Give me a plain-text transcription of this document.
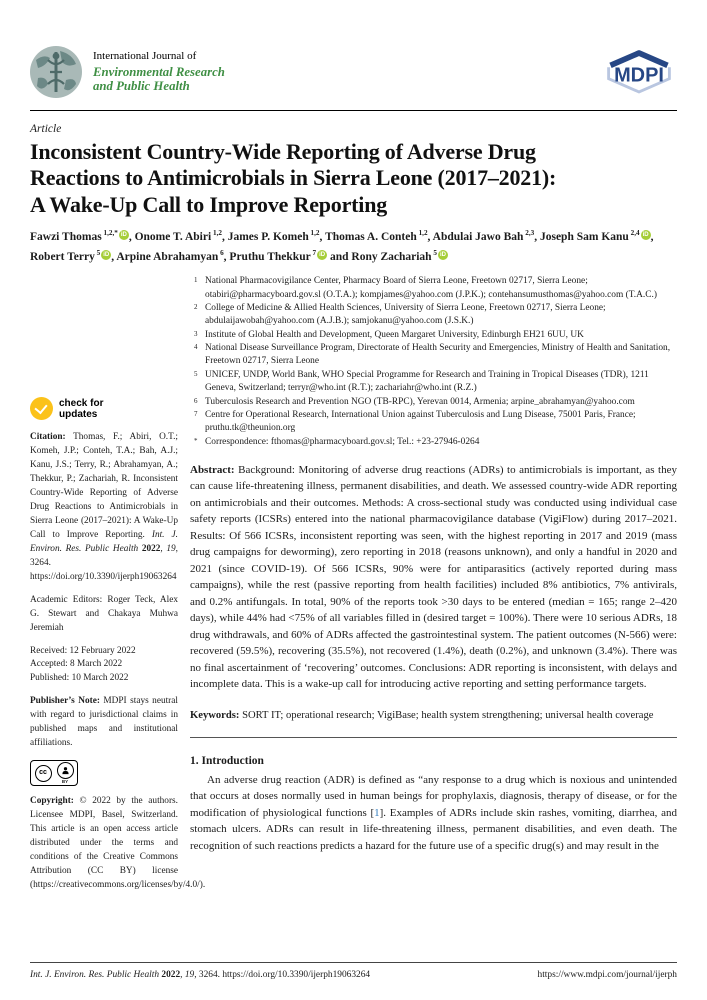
International Journal of
Environmental Research
and Public Health	MDPI
Article
Inconsistent Country-Wide Reporting of Adverse Drug
Reactions to Antimicrobials in Sierra Leone (2017–2021):
A Wake-Up Call to Improve Reporting
Fawzi Thomas $^{1,2,*}$ iD , Onome T. Abiri $^{1,2}$, James P. Komeh $^{1,2}$, Thomas A. Conteh $^{1,2}$, Abdulai Jawo Bah $^{2,3}$, Joseph Sam Kanu $^{2,4}$ iD , Robert Terry $^5$ iD , Arpine Abrahamyan $^6$, Pruthu Thekkur $^7$ iD and Rony Zachariah $^5$ iD
check for
updates
Citation: Thomas, F.; Abiri, O.T.; Komeh, J.P.; Conteh, T.A.; Bah, A.J.; Kanu, J.S.; Terry, R.; Abrahamyan, A.; Thekkur, P.; Zachariah, R. Inconsistent Country-Wide Reporting of Adverse Drug Reactions to Antimicrobials in Sierra Leone (2017–2021): A Wake-Up Call to Improve Reporting. Int. J. Environ. Res. Public Health 2022, 19, 3264. https://doi.org/10.3390/ijerph19063264
Academic Editors: Roger Teck, Alex G. Stewart and Chakaya Muhwa Jeremiah

Received: 12 February 2022

Accepted: 8 March 2022

Published: 10 March 2022

Publisher’s Note: MDPI stays neutral with regard to jurisdictional claims in published maps and institutional affiliations.
cc
BY
Copyright: © 2022 by the authors. Licensee MDPI, Basel, Switzerland. This article is an open access article distributed under the terms and conditions of the Creative Commons Attribution (CC BY) license (https://creativecommons.org/licenses/by/4.0/).
1 National Pharmacovigilance Center, Pharmacy Board of Sierra Leone, Freetown 02717, Sierra Leone; otabiri@pharmacyboard.gov.sl (O.T.A.); kompjames@yahoo.com (J.P.K.); contehansumusthomas@yahoo.com (T.A.C.)
2 College of Medicine & Allied Health Sciences, University of Sierra Leone, Freetown 02717, Sierra Leone; abdulaijawobah@yahoo.com (A.J.B.); samjokanu@yahoo.com (J.S.K.)
3 Institute of Global Health and Development, Queen Margaret University, Edinburgh EH21 6UU, UK
4 National Disease Surveillance Program, Directorate of Health Security and Emergencies, Ministry of Health and Sanitation, Freetown 02717, Sierra Leone
5 UNICEF, UNDP, World Bank, WHO Special Programme for Research and Training in Tropical Diseases (TDR), 1211 Geneva, Switzerland; terryr@who.int (R.T.); zachariahr@who.int (R.Z.)
6 Tuberculosis Research and Prevention NGO (TB-RPC), Yerevan 0014, Armenia; arpine_abrahamyan@yahoo.com
7 Centre for Operational Research, International Union against Tuberculosis and Lung Disease, 75001 Paris, France; pruthu.tk@theunion.org
* Correspondence: fthomas@pharmacyboard.gov.sl; Tel.: +23-27946-0264
Abstract: Background: Monitoring of adverse drug reactions (ADRs) to antimicrobials is important, as they can cause life-threatening illness, permanent disabilities, and death. We assessed country-wide ADR reporting on antimicrobials and their outcomes. Methods: A cross-sectional study was conducted using individual case safety reports (ICSRs) entered into the national pharmacovigilance database (VigiFlow) during 2017–2021. Results: Of 566 ICSRs, inconsistent reporting was seen, with the highest reporting in 2017 and 2019 (mass drug campaigns for deworming), zero reporting in 2018 (reasons unknown), and only a handful in 2020 and 2021 (since COVID-19). Of 566 ICSRs, 90% were for antiparasitics (actively reported during mass campaigns), while the rest (passive reporting from health facilities) included 8% antibiotics, 7% antivirals, and 0.2% antifungals. In total, 90% of the reports took >30 days to be entered (median = 165; range 2–420 days), while 44% had <75% of all variables filled in (desired target = 100%). There were 10 serious ADRs, 18 drug withdrawals, and 60% of ADRs affected the gastrointestinal system. The patient outcomes (N-566) were: recovered (59.5%), recovering (35.5%), not recovered (1.4%), death (0.2%), and unknown (3.4%). There was no final ascertainment of ‘recovering’ outcomes. Conclusions: ADR reporting is inconsistent, with delays and incomplete data. This is a wake-up call for introducing active reporting and setting performance targets.
Keywords: SORT IT; operational research; VigiBase; health system strengthening; universal health coverage
1. Introduction

An adverse drug reaction (ADR) is defined as “any response to a drug which is noxious and unintended that occurs at doses normally used in human beings for prophylaxis, diagnosis, therapy of disease, or for the modification of physiological functions [1]. Examples of ADRs include skin rashes, vomiting, diarrhea, and stomach ulcers. ADRs can result in life-threatening illness, permanent disabilities, and even death. The recognition of such reactions predicts a hazard for the future use of a specific drug(s) and may result in the

Int. J. Environ. Res. Public Health 2022, 19, 3264. https://doi.org/10.3390/ijerph19063264	https://www.mdpi.com/journal/ijerph
